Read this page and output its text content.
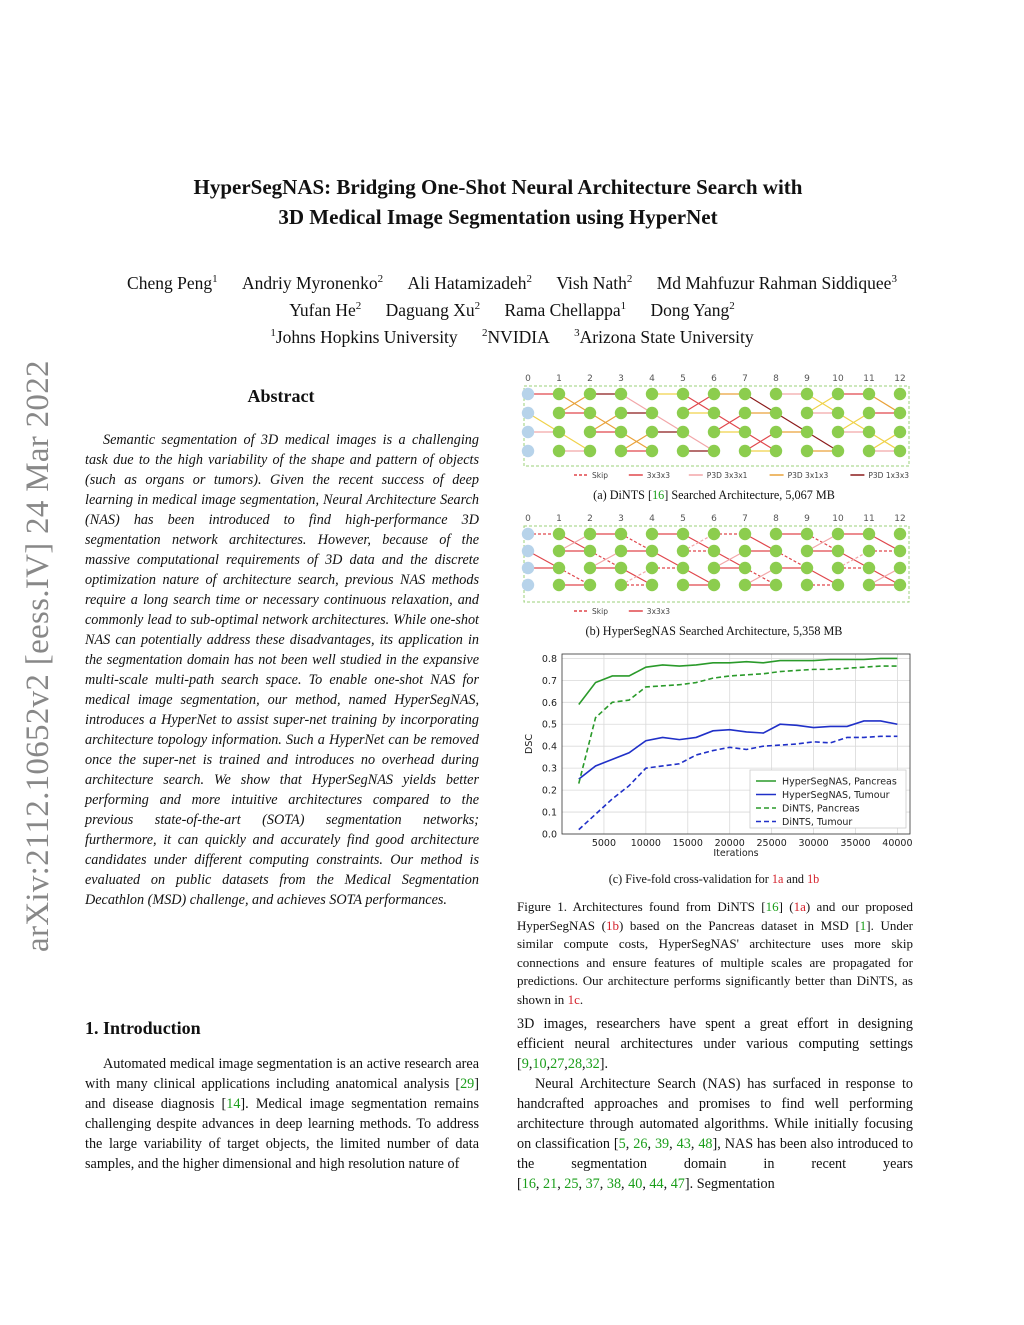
HyperSegNAS: Bridging One-Shot Neural Architecture Search with
3D Medical Image Segmentation using HyperNet
Cheng Peng$^1$ Andriy Myronenko$^2$ Ali Hatamizadeh$^2$ Vish Nath$^2$ Md Mahfuzur Rahman Siddiquee$^3$
Yufan He$^2$ Daguang Xu$^2$ Rama Chellappa$^1$ Dong Yang$^2$
$^1$Johns Hopkins University $^2$NVIDIA $^3$Arizona State University
arXiv:2112.10652v2 [eess.IV] 24 Mar 2022	Abstract
Semantic segmentation of 3D medical images is a challenging task due to the high variability of the shape and pattern of objects (such as organs or tumors). Given the recent success of deep learning in medical image segmentation, Neural Architecture Search (NAS) has been introduced to find high-performance 3D segmentation network architectures. However, because of the massive computational requirements of 3D data and the discrete optimization nature of architecture search, previous NAS methods require a long search time or necessary continuous relaxation, and commonly lead to sub-optimal network architectures. While one-shot NAS can potentially address these disadvantages, its application in the segmentation domain has not been well studied in the expansive multi-scale multi-path search space. To enable one-shot NAS for medical image segmentation, our method, named HyperSegNAS, introduces a HyperNet to assist super-net training by incorporating architecture topology information. Such a HyperNet can be removed once the super-net is trained and introduces no overhead during architecture search. We show that HyperSegNAS yields better performing and more intuitive architectures compared to the previous state-of-the-art (SOTA) segmentation networks; furthermore, it can quickly and accurately find good architecture candidates under different computing constraints. Our method is evaluated on public datasets from the Medical Segmentation Decathlon (MSD) challenge, and achieves SOTA performances.
1. Introduction
Automated medical image segmentation is an active research area with many clinical applications including anatomical analysis [29] and disease diagnosis [14]. Medical image segmentation remains challenging despite advances in deep learning methods. To address the large variability of target objects, the limited number of data samples, and the higher dimensional and high resolution nature of
0	1	2	3	4	5	6	7	8	9 10 11 12
Skip	3x3x3	P3D 3x3x1	P3D 3x1x3	P3D 1x3x3
(a) DiNTS [16] Searched Architecture, 5,067 MB
0	1	2	3	4	5	6	7	8	9 10 11 12
Skip	3x3x3
(b) HyperSegNAS Searched Architecture, 5,358 MB
0.0
0.1
0.2
0.3
0.4
0.5
0.6
0.7
0.8
5000 10000 15000 20000 25000 30000 35000 40000
Iterations
DSC
HyperSegNAS, Pancreas
HyperSegNAS, Tumour
DiNTS, Pancreas
DiNTS, Tumour
(c) Five-fold cross-validation for 1a and 1b
Figure 1. Architectures found from DiNTS [16] (1a) and our proposed HyperSegNAS (1b) based on the Pancreas dataset in MSD [1]. Under similar compute costs, HyperSegNAS' architecture uses more skip connections and ensure features of multiple scales are propagated for predictions. Our architecture performs significantly better than DiNTS, as shown in 1c.

3D images, researchers have spent a great effort in designing efficient neural architectures under various computing settings [9,10,27,28,32].

Neural Architecture Search (NAS) has surfaced in response to handcrafted approaches and promises to find well performing architecture through automated algorithms. While initially focusing on classification [5, 26, 39, 43, 48], NAS has been also introduced to the segmentation domain in recent years [16, 21, 25, 37, 38, 40, 44, 47]. Segmentation
